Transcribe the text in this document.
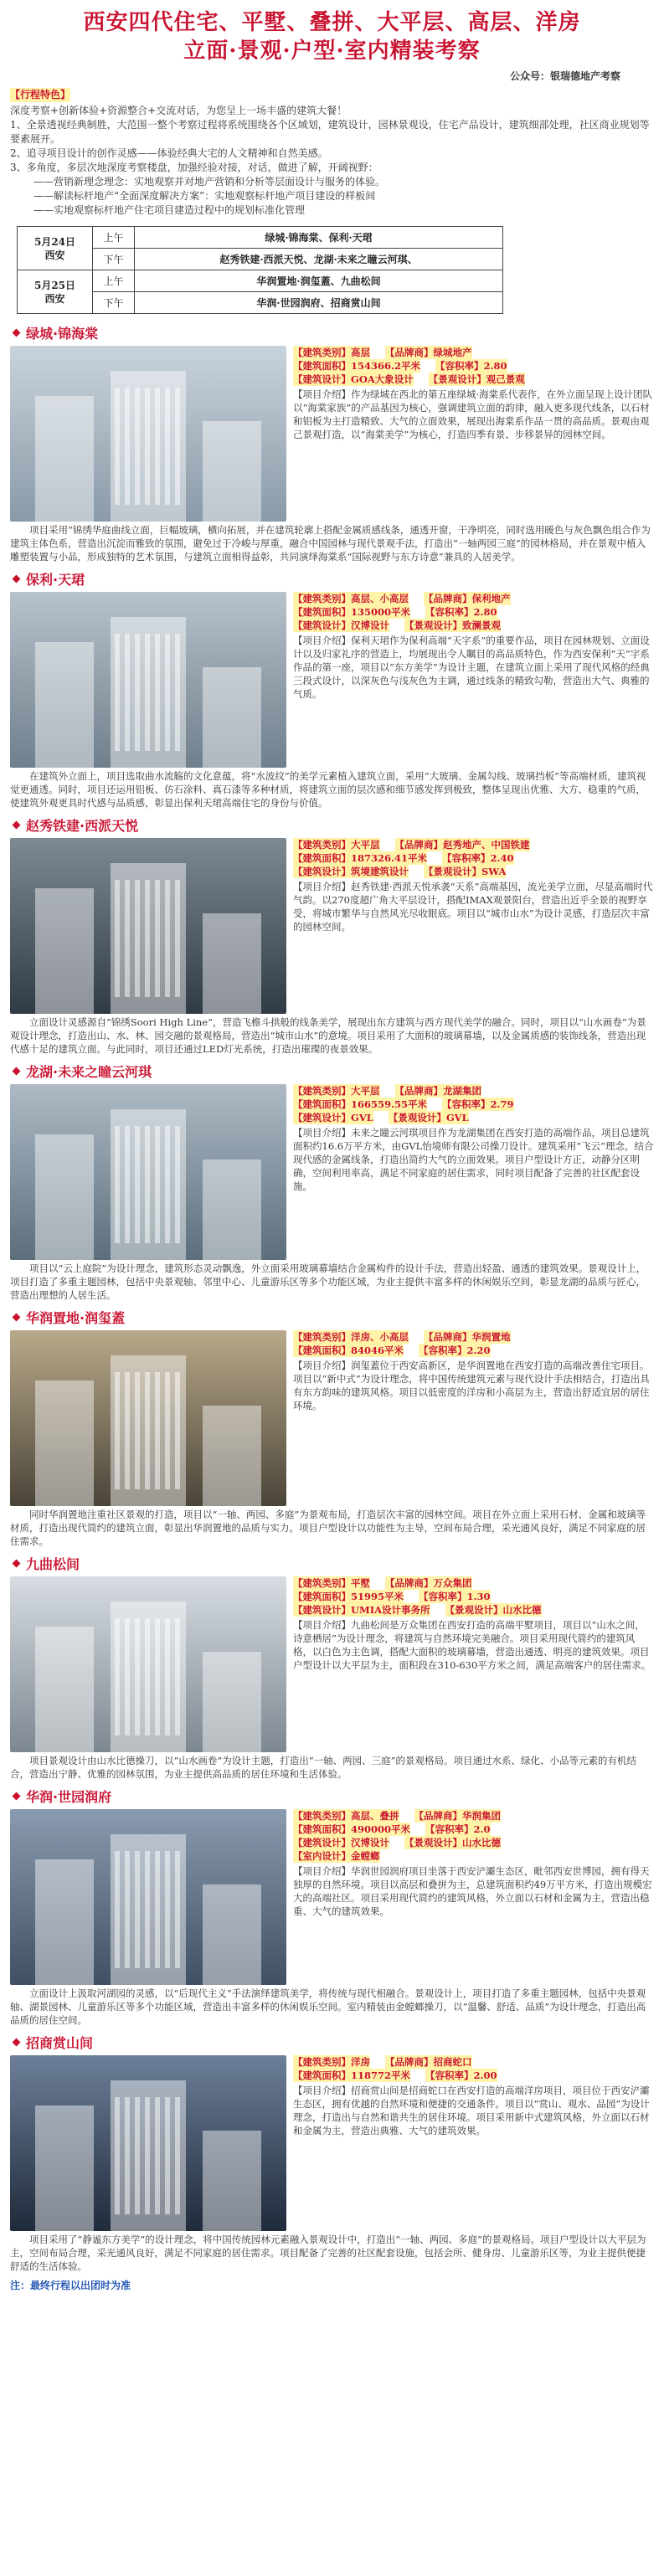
西安四代住宅、平墅、叠拼、大平层、高层、洋房
立面·景观·户型·室内精装考察
公众号：银瑞德地产考察
【行程特色】

深度考察+创新体验+资源整合+交流对话，为您呈上一场丰盛的建筑大餐！

1、全景透视经典制胜，大范围一整个考察过程将系统围绕各个区域划，建筑设计，园林景观设，住宅产品设计，建筑细部处理，社区商业规划等要素展开。

2、追寻项目设计的创作灵感——体验经典大宅的人文精神和自然美感。

3、多角度，多层次地深度考察楼盘，加强经验对接，对话，做进了解，开阔视野：

——营销新理念理念：实地观察并对地产营销和分析等层面设计与服务的体验。

——解读标杆地产“全面深度解决方案”：实地观察标杆地产项目建设的样板间

——实地观察标杆地产住宅项目建造过程中的规划标准化管理

5月24日
西安	上午	绿城·锦海棠、保利·天珺
	下午	赵秀铁建·西派天悦、龙湖·未来之瞳云河琪、
5月25日
西安	上午	华润置地·润玺蓋、九曲松间
	下午	华润·世园润府、招商赏山间
绿城·锦海棠
【建筑类别】高层 【品牌商】绿城地产
【建筑面积】154366.2平米 【容积率】2.80
【建筑设计】GOA大象设计 【景观设计】观己景观
【项目介绍】作为绿城在西北的第五座绿城·海棠系代表作，在外立面呈现上设计团队以“海棠家族”的产品基因为核心，强调建筑立面的韵律，融入更多现代线条，以石材和铝板为主打造精致、大气的立面效果，展现出海棠系作品一贯的高品质。景观由观己景观打造，以“海棠美学”为核心，打造四季有景、步移景异的园林空间。
项目采用“锦绣华庭曲线立面，巨幅玻璃，横向拓展，并在建筑轮廓上搭配金属质感线条，通透开窗，干净明亮，同时选用暖色与灰色飘色组合作为建筑主体色系，营造出沉淀而雅致的氛围，避免过于冷峻与厚重，融合中国园林与现代景观手法，打造出“一轴两园三庭”的园林格局，并在景观中植入雕塑装置与小品，形成独特的艺术氛围，与建筑立面相得益彰，共同演绎海棠系“国际视野与东方诗意”兼具的人居美学。
保利·天珺
【建筑类别】高层、小高层 【品牌商】保利地产
【建筑面积】135000平米 【容积率】2.80
【建筑设计】汉博设计 【景观设计】致澜景观
【项目介绍】保利天珺作为保利高端“天字系”的重要作品，项目在园林规划、立面设计以及归家礼序的营造上，均展现出令人瞩目的高品质特色，作为西安保利“天”字系作品的第一座，项目以“东方美学”为设计主题，在建筑立面上采用了现代风格的经典三段式设计，以深灰色与浅灰色为主调，通过线条的精致勾勒，营造出大气、典雅的气质。
在建筑外立面上，项目选取曲水流觞的文化意蕴，将“水波纹”的美学元素植入建筑立面，采用“大玻璃、金属勾线、玻璃挡板”等高端材质，建筑视觉更通透。同时，项目还运用铝板、仿石涂料、真石漆等多种材质，将建筑立面的层次感和细节感发挥到极致，整体呈现出优雅、大方、稳重的气质，使建筑外观更具时代感与品质感，彰显出保利天珺高端住宅的身份与价值。
赵秀铁建·西派天悦
【建筑类别】大平层 【品牌商】赵秀地产、中国铁建
【建筑面积】187326.41平米 【容积率】2.40
【建筑设计】筑境建筑设计 【景观设计】SWA
【项目介绍】赵秀铁建·西派天悦承袭“天系”高端基因，流光美学立面，尽显高端时代气韵。以270度超广角大平层设计，搭配IMAX观景阳台，营造出近乎全景的视野享受，将城市繁华与自然风光尽收眼底。项目以“城市山水”为设计灵感，打造层次丰富的园林空间。
立面设计灵感源自“锦绣Soori High Line”，营造飞檐斗拱般的线条美学，展现出东方建筑与西方现代美学的融合。同时，项目以“山水画卷”为景观设计理念，打造出山、水、林、园交融的景观格局，营造出“城市山水”的意境。项目采用了大面积的玻璃幕墙，以及金属质感的装饰线条，营造出现代感十足的建筑立面。与此同时，项目还通过LED灯光系统，打造出璀璨的夜景效果。
龙湖·未来之瞳云河琪
【建筑类别】大平层 【品牌商】龙湖集团
【建筑面积】166559.55平米 【容积率】2.79
【建筑设计】GVL 【景观设计】GVL
【项目介绍】未来之瞳云河琪项目作为龙湖集团在西安打造的高端作品，项目总建筑面积约16.6万平方米，由GVL怡境师有限公司操刀设计。建筑采用“飞云”理念，结合现代感的金属线条，打造出简约大气的立面效果。项目户型设计方正，动静分区明确，空间利用率高，满足不同家庭的居住需求，同时项目配备了完善的社区配套设施。
项目以“云上庭院”为设计理念，建筑形态灵动飘逸，外立面采用玻璃幕墙结合金属构件的设计手法，营造出轻盈、通透的建筑效果。景观设计上，项目打造了多重主题园林，包括中央景观轴、邻里中心、儿童游乐区等多个功能区域，为业主提供丰富多样的休闲娱乐空间，彰显龙湖的品质与匠心，营造出理想的人居生活。
华润置地·润玺蓋
【建筑类别】洋房、小高层 【品牌商】华润置地
【建筑面积】84046平米 【容积率】2.20
【项目介绍】润玺蓋位于西安高新区，是华润置地在西安打造的高端改善住宅项目。项目以“新中式”为设计理念，将中国传统建筑元素与现代设计手法相结合，打造出具有东方韵味的建筑风格。项目以低密度的洋房和小高层为主，营造出舒适宜居的居住环境。
同时华润置地注重社区景观的打造，项目以“一轴、两园、多庭”为景观布局，打造层次丰富的园林空间。项目在外立面上采用石材、金属和玻璃等材质，打造出现代简约的建筑立面，彰显出华润置地的品质与实力。项目户型设计以功能性为主导，空间布局合理，采光通风良好，满足不同家庭的居住需求。
九曲松间
【建筑类别】平墅 【品牌商】万众集团
【建筑面积】51995平米 【容积率】1.30
【建筑设计】UMIA设计事务所 【景观设计】山水比德
【项目介绍】九曲松间是万众集团在西安打造的高端平墅项目，项目以“山水之间，诗意栖居”为设计理念，将建筑与自然环境完美融合。项目采用现代简约的建筑风格，以白色为主色调，搭配大面积的玻璃幕墙，营造出通透、明亮的建筑效果。项目户型设计以大平层为主，面积段在310-630平方米之间，满足高端客户的居住需求。
项目景观设计由山水比德操刀，以“山水画卷”为设计主题，打造出“一轴、两园、三庭”的景观格局。项目通过水系、绿化、小品等元素的有机结合，营造出宁静、优雅的园林氛围，为业主提供高品质的居住环境和生活体验。
华润·世园润府
【建筑类别】高层、叠拼 【品牌商】华润集团
【建筑面积】490000平米 【容积率】2.0
【建筑设计】汉博设计 【景观设计】山水比德
【室内设计】金螳螂
【项目介绍】华润世园润府项目坐落于西安浐灞生态区，毗邻西安世博园，拥有得天独厚的自然环境。项目以高层和叠拼为主，总建筑面积约49万平方米，打造出规模宏大的高端社区。项目采用现代简约的建筑风格，外立面以石材和金属为主，营造出稳重、大气的建筑效果。
立面设计上汲取河湖园的灵感，以“后现代主义”手法演绎建筑美学，将传统与现代相融合。景观设计上，项目打造了多重主题园林，包括中央景观轴、湖景园林、儿童游乐区等多个功能区域，营造出丰富多样的休闲娱乐空间。室内精装由金螳螂操刀，以“温馨、舒适、品质”为设计理念，打造出高品质的居住空间。
招商赏山间
【建筑类别】洋房 【品牌商】招商蛇口
【建筑面积】118772平米 【容积率】2.00
【项目介绍】招商赏山间是招商蛇口在西安打造的高端洋房项目，项目位于西安浐灞生态区，拥有优越的自然环境和便捷的交通条件。项目以“赏山、观水、品园”为设计理念，打造出与自然和谐共生的居住环境。项目采用新中式建筑风格，外立面以石材和金属为主，营造出典雅、大气的建筑效果。
项目采用了“静谧东方美学”的设计理念，将中国传统园林元素融入景观设计中，打造出“一轴、两园、多庭”的景观格局。项目户型设计以大平层为主，空间布局合理，采光通风良好，满足不同家庭的居住需求。项目配备了完善的社区配套设施，包括会所、健身房、儿童游乐区等，为业主提供便捷舒适的生活体验。
注：最终行程以出团时为准
